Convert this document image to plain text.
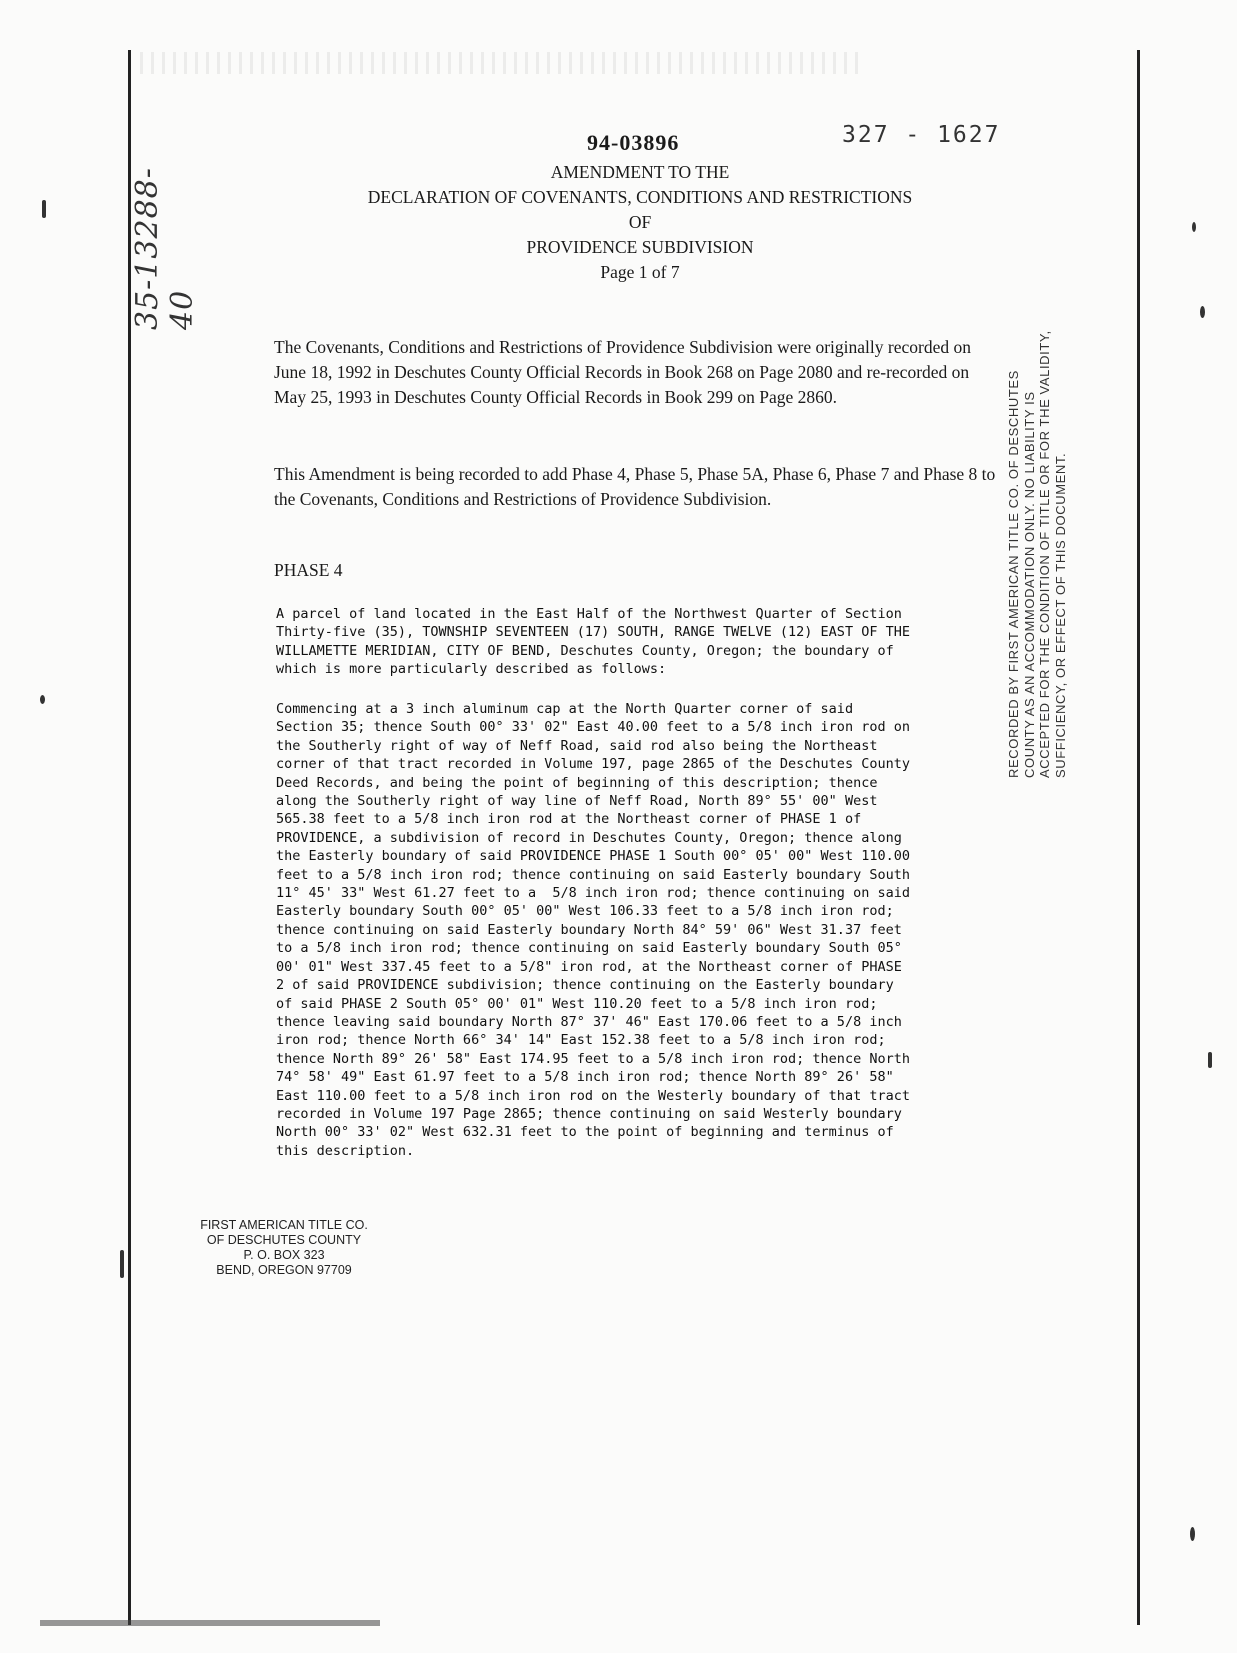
94-03896	327 - 1627
AMENDMENT TO THE
DECLARATION OF COVENANTS, CONDITIONS AND RESTRICTIONS
OF
PROVIDENCE SUBDIVISION
Page 1 of 7

The Covenants, Conditions and Restrictions of Providence Subdivision were originally recorded on June 18, 1992 in Deschutes County Official Records in Book 268 on Page 2080 and re-recorded on May 25, 1993 in Deschutes County Official Records in Book 299 on Page 2860.

This Amendment is being recorded to add Phase 4, Phase 5, Phase 5A, Phase 6, Phase 7 and Phase 8 to the Covenants, Conditions and Restrictions of Providence Subdivision.

PHASE 4

A parcel of land located in the East Half of the Northwest Quarter of Section
Thirty-five (35), TOWNSHIP SEVENTEEN (17) SOUTH, RANGE TWELVE (12) EAST OF THE
WILLAMETTE MERIDIAN, CITY OF BEND, Deschutes County, Oregon; the boundary of
which is more particularly described as follows:
Commencing at a 3 inch aluminum cap at the North Quarter corner of said
Section 35; thence South 00° 33' 02" East 40.00 feet to a 5/8 inch iron rod on
the Southerly right of way of Neff Road, said rod also being the Northeast
corner of that tract recorded in Volume 197, page 2865 of the Deschutes County
Deed Records, and being the point of beginning of this description; thence
along the Southerly right of way line of Neff Road, North 89° 55' 00" West
565.38 feet to a 5/8 inch iron rod at the Northeast corner of PHASE 1 of
PROVIDENCE, a subdivision of record in Deschutes County, Oregon; thence along
the Easterly boundary of said PROVIDENCE PHASE 1 South 00° 05' 00" West 110.00
feet to a 5/8 inch iron rod; thence continuing on said Easterly boundary South
11° 45' 33" West 61.27 feet to a  5/8 inch iron rod; thence continuing on said
Easterly boundary South 00° 05' 00" West 106.33 feet to a 5/8 inch iron rod;
thence continuing on said Easterly boundary North 84° 59' 06" West 31.37 feet
to a 5/8 inch iron rod; thence continuing on said Easterly boundary South 05°
00' 01" West 337.45 feet to a 5/8" iron rod, at the Northeast corner of PHASE
2 of said PROVIDENCE subdivision; thence continuing on the Easterly boundary
of said PHASE 2 South 05° 00' 01" West 110.20 feet to a 5/8 inch iron rod;
thence leaving said boundary North 87° 37' 46" East 170.06 feet to a 5/8 inch
iron rod; thence North 66° 34' 14" East 152.38 feet to a 5/8 inch iron rod;
thence North 89° 26' 58" East 174.95 feet to a 5/8 inch iron rod; thence North
74° 58' 49" East 61.97 feet to a 5/8 inch iron rod; thence North 89° 26' 58"
East 110.00 feet to a 5/8 inch iron rod on the Westerly boundary of that tract
recorded in Volume 197 Page 2865; thence continuing on said Westerly boundary
North 00° 33' 02" West 632.31 feet to the point of beginning and terminus of
this description.
35-13288-40
RECORDED BY FIRST AMERICAN TITLE CO. OF DESCHUTES COUNTY AS AN ACCOMMODATION ONLY. NO LIABILITY IS ACCEPTED FOR THE CONDITION OF TITLE OR FOR THE VALIDITY, SUFFICIENCY, OR EFFECT OF THIS DOCUMENT.
FIRST AMERICAN TITLE CO.
OF DESCHUTES COUNTY
P. O. BOX 323
BEND, OREGON 97709
